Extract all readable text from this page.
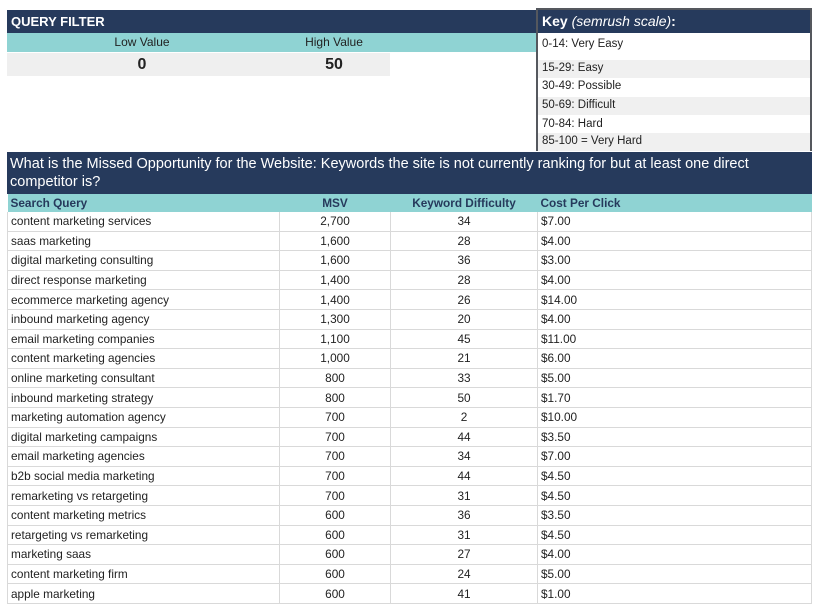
QUERY FILTER
Low Value	High Value
0	50
Key (semrush scale):
0-14: Very Easy
15-29: Easy
30-49: Possible
50-69: Difficult
70-84: Hard
85-100 = Very Hard
What is the Missed Opportunity for the Website: Keywords the site is not currently ranking for but at least one direct competitor is?
Search Query	MSV	Keyword Difficulty	Cost Per Click
content marketing services	2,700	34	$7.00
saas marketing	1,600	28	$4.00
digital marketing consulting	1,600	36	$3.00
direct response marketing	1,400	28	$4.00
ecommerce marketing agency	1,400	26	$14.00
inbound marketing agency	1,300	20	$4.00
email marketing companies	1,100	45	$11.00
content marketing agencies	1,000	21	$6.00
online marketing consultant	800	33	$5.00
inbound marketing strategy	800	50	$1.70
marketing automation agency	700	2	$10.00
digital marketing campaigns	700	44	$3.50
email marketing agencies	700	34	$7.00
b2b social media marketing	700	44	$4.50
remarketing vs retargeting	700	31	$4.50
content marketing metrics	600	36	$3.50
retargeting vs remarketing	600	31	$4.50
marketing saas	600	27	$4.00
content marketing firm	600	24	$5.00
apple marketing	600	41	$1.00
